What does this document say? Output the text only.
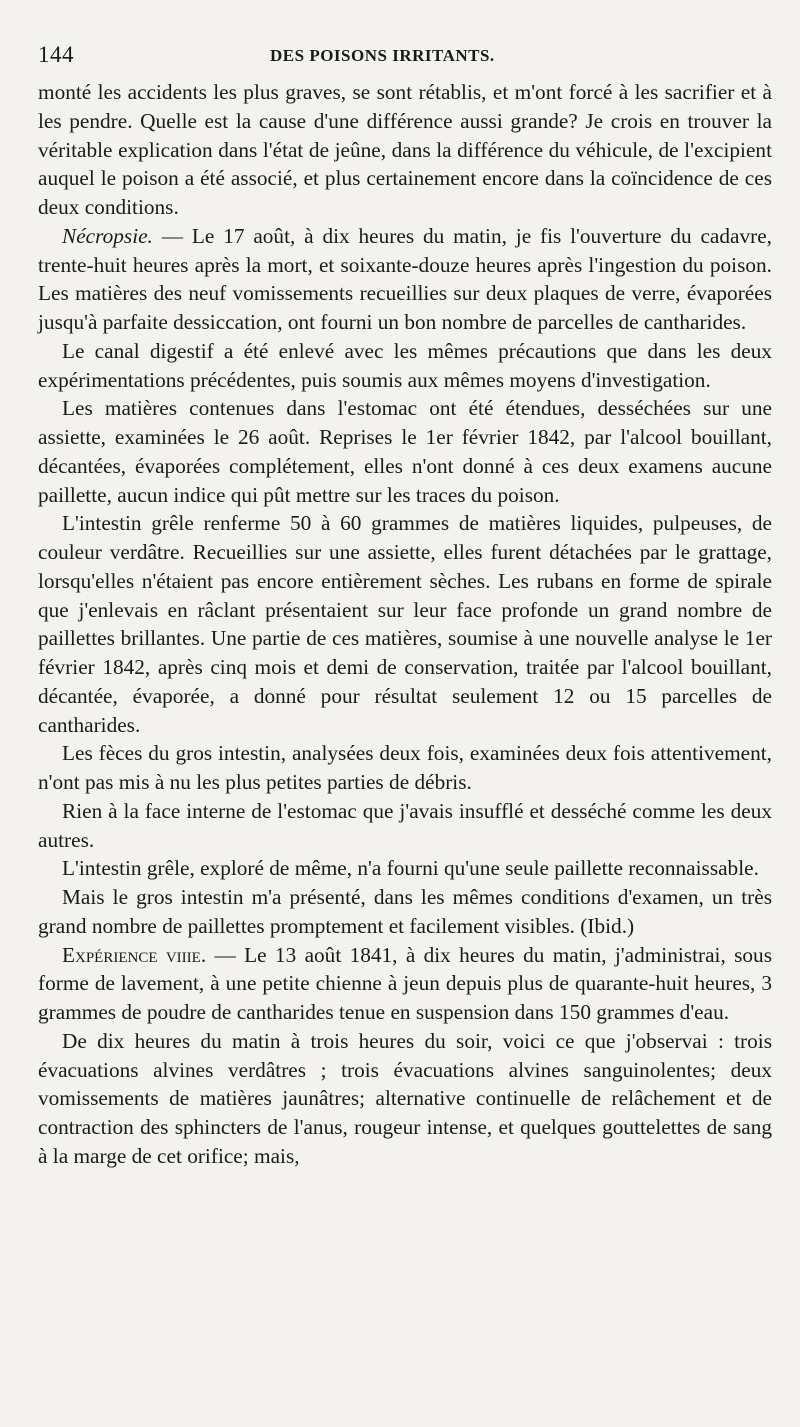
144	DES POISONS IRRITANTS.

monté les accidents les plus graves, se sont rétablis, et m'ont forcé à les sacrifier et à les pendre. Quelle est la cause d'une différence aussi grande? Je crois en trouver la véritable explication dans l'état de jeûne, dans la différence du véhicule, de l'excipient auquel le poison a été associé, et plus certainement encore dans la coïncidence de ces deux conditions.

Nécropsie. — Le 17 août, à dix heures du matin, je fis l'ouverture du cadavre, trente-huit heures après la mort, et soixante-douze heures après l'ingestion du poison. Les matières des neuf vomissements recueillies sur deux plaques de verre, évaporées jusqu'à parfaite dessiccation, ont fourni un bon nombre de parcelles de cantharides.

Le canal digestif a été enlevé avec les mêmes précautions que dans les deux expérimentations précédentes, puis soumis aux mêmes moyens d'investigation.

Les matières contenues dans l'estomac ont été étendues, desséchées sur une assiette, examinées le 26 août. Reprises le 1er février 1842, par l'alcool bouillant, décantées, évaporées complétement, elles n'ont donné à ces deux examens aucune paillette, aucun indice qui pût mettre sur les traces du poison.

L'intestin grêle renferme 50 à 60 grammes de matières liquides, pulpeuses, de couleur verdâtre. Recueillies sur une assiette, elles furent détachées par le grattage, lorsqu'elles n'étaient pas encore entièrement sèches. Les rubans en forme de spirale que j'enlevais en râclant présentaient sur leur face profonde un grand nombre de paillettes brillantes. Une partie de ces matières, soumise à une nouvelle analyse le 1er février 1842, après cinq mois et demi de conservation, traitée par l'alcool bouillant, décantée, évaporée, a donné pour résultat seulement 12 ou 15 parcelles de cantharides.

Les fèces du gros intestin, analysées deux fois, examinées deux fois attentivement, n'ont pas mis à nu les plus petites parties de débris.

Rien à la face interne de l'estomac que j'avais insufflé et desséché comme les deux autres.

L'intestin grêle, exploré de même, n'a fourni qu'une seule paillette reconnaissable.

Mais le gros intestin m'a présenté, dans les mêmes conditions d'examen, un très grand nombre de paillettes promptement et facilement visibles. (Ibid.)

Expérience viiie. — Le 13 août 1841, à dix heures du matin, j'administrai, sous forme de lavement, à une petite chienne à jeun depuis plus de quarante-huit heures, 3 grammes de poudre de cantharides tenue en suspension dans 150 grammes d'eau.

De dix heures du matin à trois heures du soir, voici ce que j'observai : trois évacuations alvines verdâtres ; trois évacuations alvines sanguinolentes; deux vomissements de matières jaunâtres; alternative continuelle de relâchement et de contraction des sphincters de l'anus, rougeur intense, et quelques gouttelettes de sang à la marge de cet orifice; mais,
